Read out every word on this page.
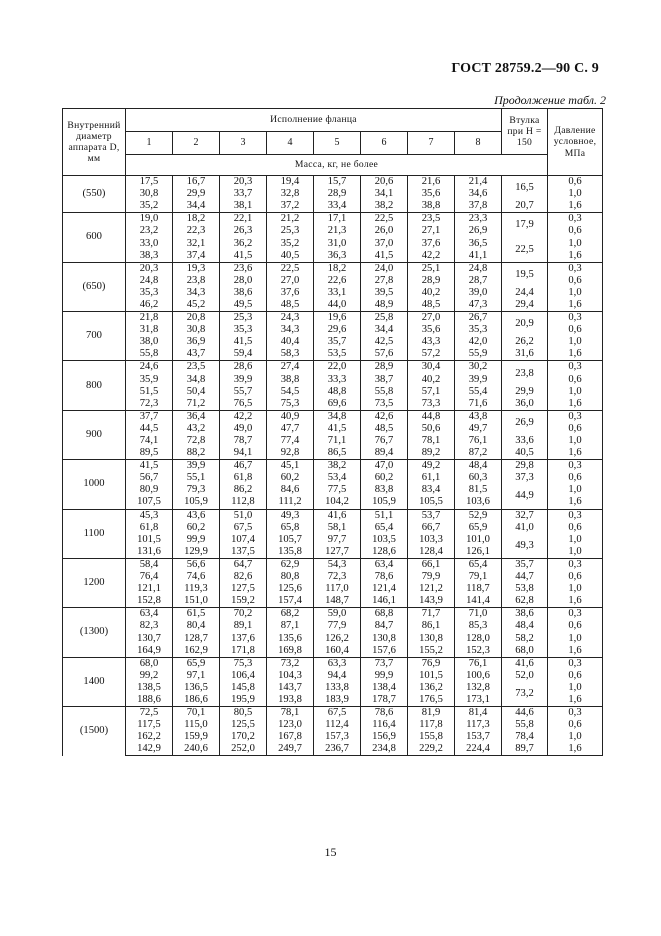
ГОСТ 28759.2—90 С. 9
Продолжение табл. 2
Внутренний диаметр аппарата D, мм	Исполнение фланца								Втулка при H = 150	Давление условное, МПа

	1	2	3	4	5	6	7	8		
	Масса, кг, не более									
(550)	17,5	16,7	20,3	19,4	15,7	20,6	21,6	21,4	16,5	0,6
	30,8	29,9	33,7	32,8	28,9	34,1	35,6	34,6		1,0
	35,2	34,4	38,1	37,2	33,4	38,2	38,8	37,8	20,7	1,6
600	19,0	18,2	22,1	21,2	17,1	22,5	23,5	23,3	17,9	0,3
	23,2	22,3	26,3	25,3	21,3	26,0	27,1	26,9		0,6
	33,0	32,1	36,2	35,2	31,0	37,0	37,6	36,5	22,5	1,0
	38,3	37,4	41,5	40,5	36,3	41,5	42,2	41,1		1,6
(650)	20,3	19,3	23,6	22,5	18,2	24,0	25,1	24,8	19,5	0,3
	24,8	23,8	28,0	27,0	22,6	27,8	28,9	28,7		0,6
	35,3	34,3	38,6	37,6	33,1	39,5	40,2	39,0	24,4	1,0
	46,2	45,2	49,5	48,5	44,0	48,9	48,5	47,3	29,4	1,6
700	21,8	20,8	25,3	24,3	19,6	25,8	27,0	26,7	20,9	0,3
	31,8	30,8	35,3	34,3	29,6	34,4	35,6	35,3		0,6
	38,0	36,9	41,5	40,4	35,7	42,5	43,3	42,0	26,2	1,0
	55,8	43,7	59,4	58,3	53,5	57,6	57,2	55,9	31,6	1,6
800	24,6	23,5	28,6	27,4	22,0	28,9	30,4	30,2	23,8	0,3
	35,9	34,8	39,9	38,8	33,3	38,7	40,2	39,9		0,6
	51,5	50,4	55,7	54,5	48,8	55,8	57,1	55,4	29,9	1,0
	72,3	71,2	76,5	75,3	69,6	73,5	73,3	71,6	36,0	1,6
900	37,7	36,4	42,2	40,9	34,8	42,6	44,8	43,8	26,9	0,3
	44,5	43,2	49,0	47,7	41,5	48,5	50,6	49,7		0,6
	74,1	72,8	78,7	77,4	71,1	76,7	78,1	76,1	33,6	1,0
	89,5	88,2	94,1	92,8	86,5	89,4	89,2	87,2	40,5	1,6
1000	41,5	39,9	46,7	45,1	38,2	47,0	49,2	48,4	29,8	0,3
	56,7	55,1	61,8	60,2	53,4	60,2	61,1	60,3	37,3	0,6
	80,9	79,3	86,2	84,6	77,5	83,8	83,4	81,5	44,9	1,0
	107,5	105,9	112,8	111,2	104,2	105,9	105,5	103,6		1,6
1100	45,3	43,6	51,0	49,3	41,6	51,1	53,7	52,9	32,7	0,3
	61,8	60,2	67,5	65,8	58,1	65,4	66,7	65,9	41,0	0,6
	101,5	99,9	107,4	105,7	97,7	103,5	103,3	101,0	49,3	1,0
	131,6	129,9	137,5	135,8	127,7	128,6	128,4	126,1		1,0
1200	58,4	56,6	64,7	62,9	54,3	63,4	66,1	65,4	35,7	0,3
	76,4	74,6	82,6	80,8	72,3	78,6	79,9	79,1	44,7	0,6
	121,1	119,3	127,5	125,6	117,0	121,4	121,2	118,7	53,8	1,0
	152,8	151,0	159,2	157,4	148,7	146,1	143,9	141,4	62,8	1,6
(1300)	63,4	61,5	70,2	68,2	59,0	68,8	71,7	71,0	38,6	0,3
	82,3	80,4	89,1	87,1	77,9	84,7	86,1	85,3	48,4	0,6
	130,7	128,7	137,6	135,6	126,2	130,8	130,8	128,0	58,2	1,0
	164,9	162,9	171,8	169,8	160,4	157,6	155,2	152,3	68,0	1,6
1400	68,0	65,9	75,3	73,2	63,3	73,7	76,9	76,1	41,6	0,3
	99,2	97,1	106,4	104,3	94,4	99,9	101,5	100,6	52,0	0,6
	138,5	136,5	145,8	143,7	133,8	138,4	136,2	132,8	73,2	1,0
	188,6	186,6	195,9	193,8	183,9	178,7	176,5	173,1		1,6
(1500)	72,5	70,1	80,5	78,1	67,5	78,6	81,9	81,4	44,6	0,3
	117,5	115,0	125,5	123,0	112,4	116,4	117,8	117,3	55,8	0,6
	162,2	159,9	170,2	167,8	157,3	156,9	155,8	153,7	78,4	1,0
	142,9	240,6	252,0	249,7	236,7	234,8	229,2	224,4	89,7	1,6
15
